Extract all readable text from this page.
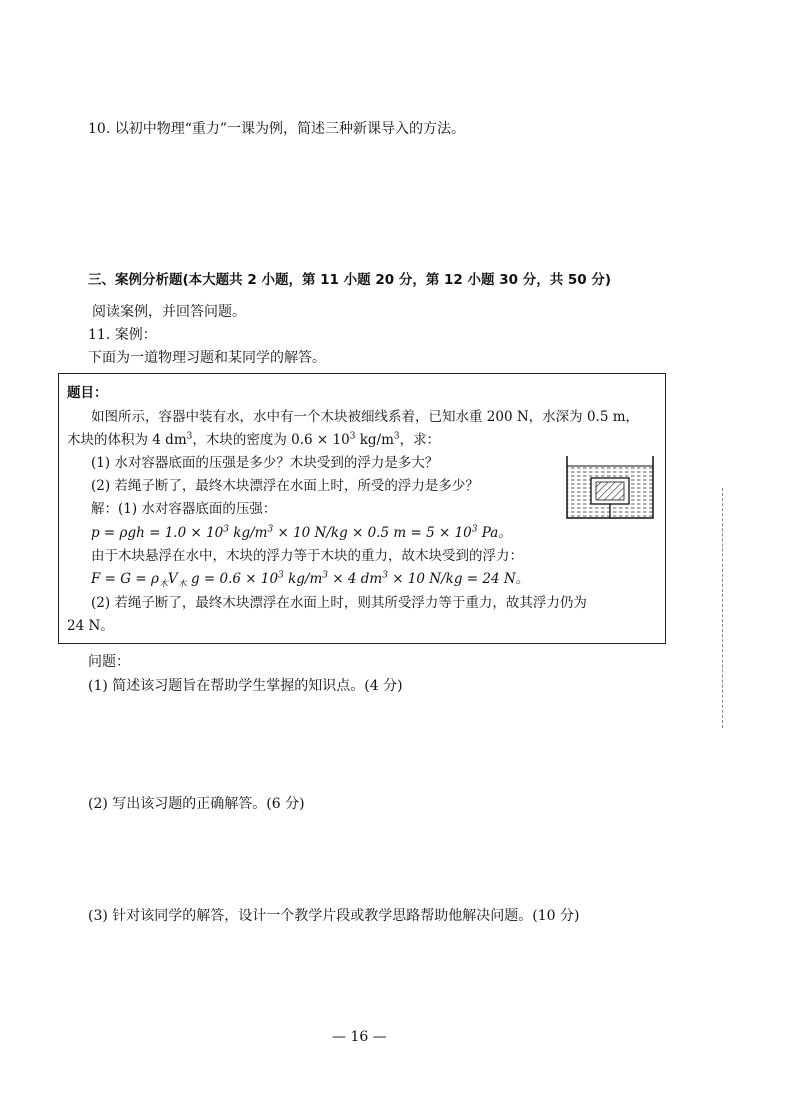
10. 以初中物理“重力”一课为例，简述三种新课导入的方法。
三、案例分析题(本大题共 2 小题，第 11 小题 20 分，第 12 小题 30 分，共 50 分)
阅读案例，并回答问题。
11. 案例：
下面为一道物理习题和某同学的解答。
题目：
如图所示，容器中装有水，水中有一个木块被细线系着，已知水重 200 N，水深为 0.5 m，
木块的体积为 4 $dm^3$，木块的密度为 $0.6 \times 10^3$ $kg/m^3$，求：
(1) 水对容器底面的压强是多少？木块受到的浮力是多大？
(2) 若绳子断了，最终木块漂浮在水面上时，所受的浮力是多少？
解：(1) 水对容器底面的压强：
$p = \rho gh = 1.0 \times 10^3$ $kg/m^3 \times 10$ N/kg × 0.5 $m = 5 \times 10^3$ Pa。
由于木块悬浮在水中，木块的浮力等于木块的重力，故木块受到的浮力：
$F = G = \rho_木V_木$ $g = 0.6 \times 10^3$ $kg/m^3 \times 4$ $dm^3 \times 10$ N/kg = 24 N。
(2) 若绳子断了，最终木块漂浮在水面上时，则其所受浮力等于重力，故其浮力仍为
24 N。
问题：
(1) 简述该习题旨在帮助学生掌握的知识点。(4 分)
(2) 写出该习题的正确解答。(6 分)
(3) 针对该同学的解答，设计一个教学片段或教学思路帮助他解决问题。(10 分)
— 16 —
